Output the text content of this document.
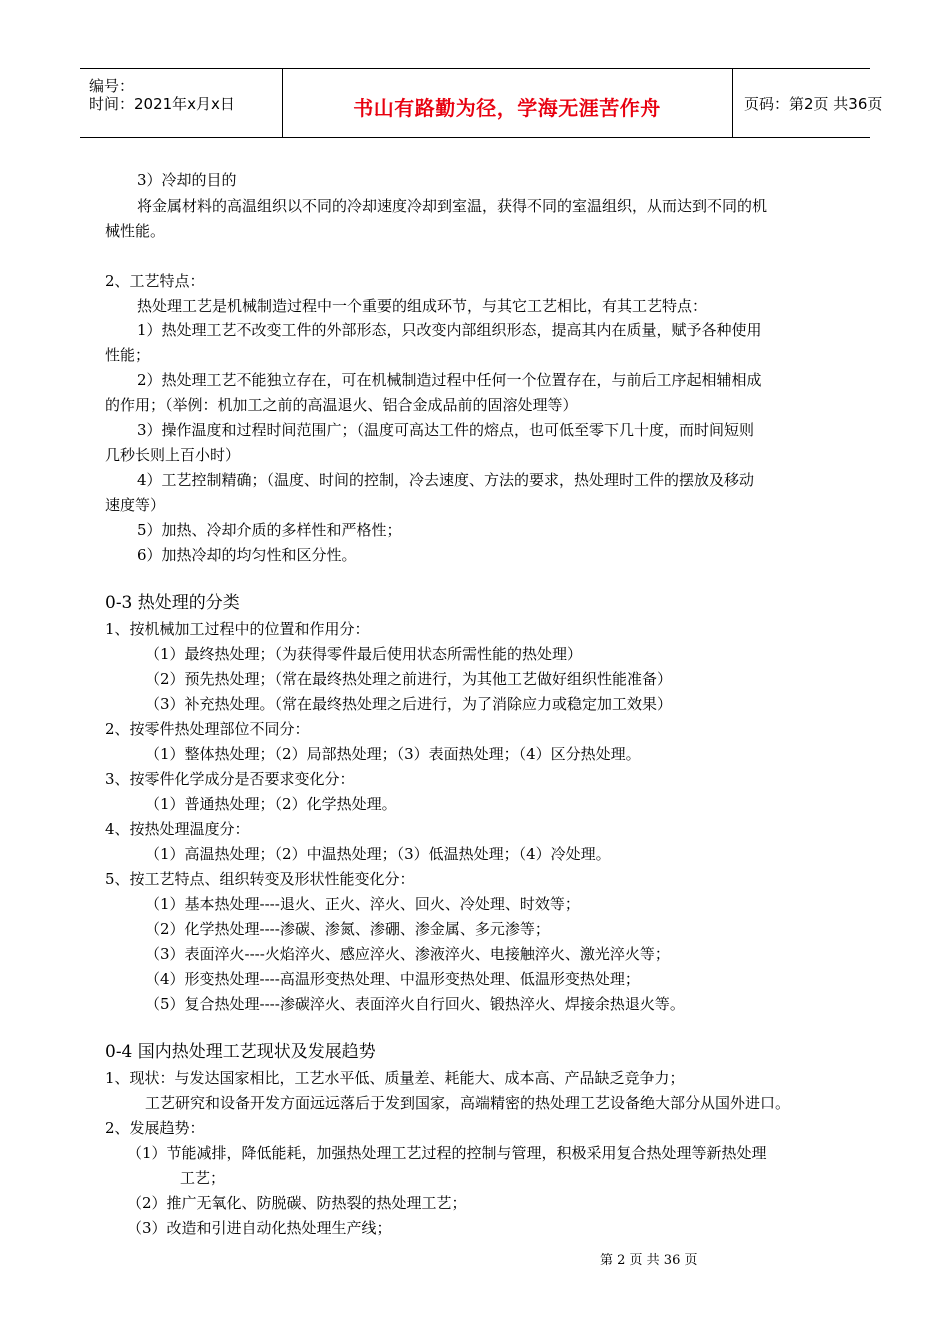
编号：
时间：2021年x月x日	书山有路勤为径，学海无涯苦作舟	页码：第2页 共36页
3）冷却的目的
将金属材料的高温组织以不同的冷却速度冷却到室温，获得不同的室温组织，从而达到不同的机
械性能。
2、工艺特点：
热处理工艺是机械制造过程中一个重要的组成环节，与其它工艺相比，有其工艺特点：
1）热处理工艺不改变工件的外部形态，只改变内部组织形态，提高其内在质量，赋予各种使用
性能；
2）热处理工艺不能独立存在，可在机械制造过程中任何一个位置存在，与前后工序起相辅相成
的作用；（举例：机加工之前的高温退火、铝合金成品前的固溶处理等）
3）操作温度和过程时间范围广；（温度可高达工件的熔点，也可低至零下几十度，而时间短则
几秒长则上百小时）
4）工艺控制精确；（温度、时间的控制，冷去速度、方法的要求，热处理时工件的摆放及移动
速度等）
5）加热、冷却介质的多样性和严格性；
6）加热冷却的均匀性和区分性。
0-3 热处理的分类
1、按机械加工过程中的位置和作用分：
（1）最终热处理；（为获得零件最后使用状态所需性能的热处理）
（2）预先热处理；（常在最终热处理之前进行，为其他工艺做好组织性能准备）
（3）补充热处理。（常在最终热处理之后进行，为了消除应力或稳定加工效果）
2、按零件热处理部位不同分：
（1）整体热处理；（2）局部热处理；（3）表面热处理；（4）区分热处理。
3、按零件化学成分是否要求变化分：
（1）普通热处理；（2）化学热处理。
4、按热处理温度分：
（1）高温热处理；（2）中温热处理；（3）低温热处理；（4）冷处理。
5、按工艺特点、组织转变及形状性能变化分：
（1）基本热处理----退火、正火、淬火、回火、冷处理、时效等；
（2）化学热处理----渗碳、渗氮、渗硼、渗金属、多元渗等；
（3）表面淬火----火焰淬火、感应淬火、渗液淬火、电接触淬火、激光淬火等；
（4）形变热处理----高温形变热处理、中温形变热处理、低温形变热处理；
（5）复合热处理----渗碳淬火、表面淬火自行回火、锻热淬火、焊接余热退火等。
0-4 国内热处理工艺现状及发展趋势
1、现状：与发达国家相比，工艺水平低、质量差、耗能大、成本高、产品缺乏竞争力；
工艺研究和设备开发方面远远落后于发到国家，高端精密的热处理工艺设备绝大部分从国外进口。
2、发展趋势：
（1）节能减排，降低能耗，加强热处理工艺过程的控制与管理，积极采用复合热处理等新热处理
工艺；
（2）推广无氧化、防脱碳、防热裂的热处理工艺；
（3）改造和引进自动化热处理生产线；
第 2 页 共 36 页
